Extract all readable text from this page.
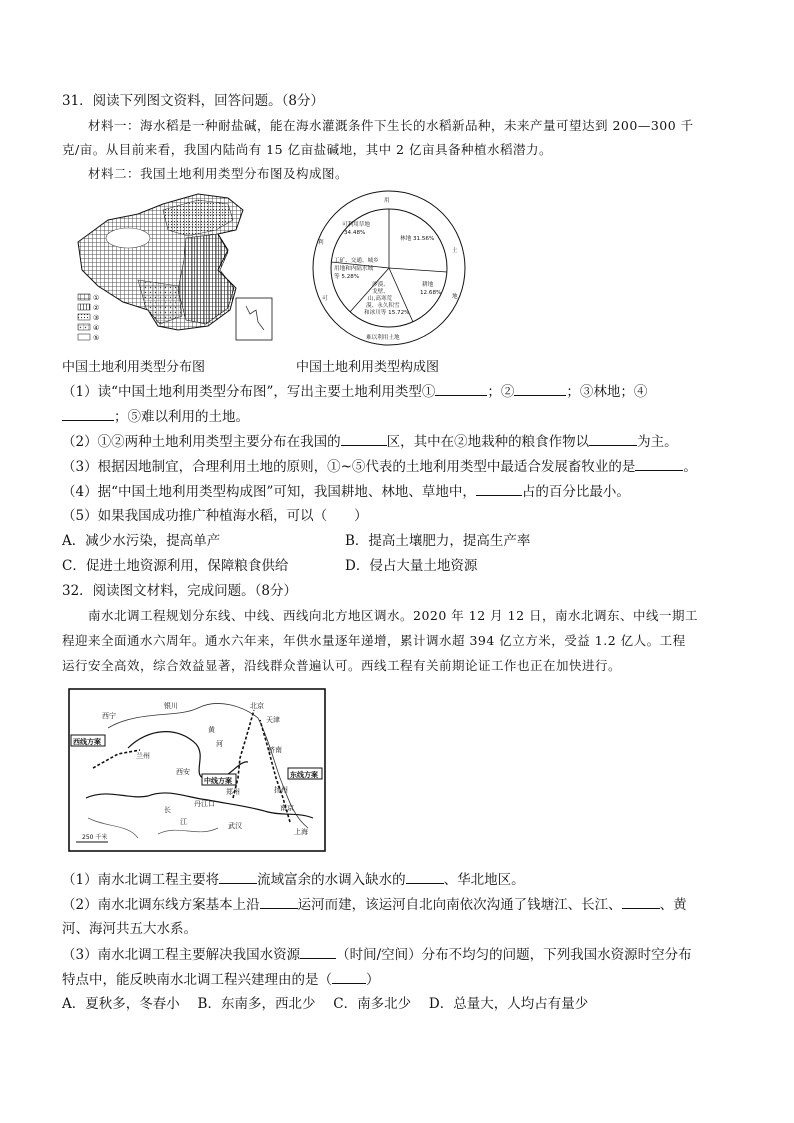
31．阅读下列图文资料，回答问题。（8分）
材料一：海水稻是一种耐盐碱，能在海水灌溉条件下生长的水稻新品种，未来产量可望达到 200—300 千
克/亩。从目前来看，我国内陆尚有 15 亿亩盐碱地，其中 2 亿亩具备种植水稻潜力。
材料二：我国土地利用类型分布图及构成图。
①
②
③
④
⑤
用
土
地
利
可
难以利用土地
可利用草地
34.48%
林地 31.56%
工矿、交通、城乡
用地和内陆水域
等 5.28%
耕地
12.68%
沙漠、
戈壁、
山,高寒荒
漠、永久积雪
和冰川等 15.72%
中国土地利用类型分布图	中国土地利用类型构成图
（1）读“中国土地利用类型分布图”，写出主要土地利用类型①	；②	；③林地；④
；⑤难以利用的土地。
（2）①②两种土地利用类型主要分布在我国的	区，其中在②地栽种的粮食作物以	为主。
（3）根据因地制宜，合理利用土地的原则，①~⑤代表的土地利用类型中最适合发展畜牧业的是	。
（4）据“中国土地利用类型构成图”可知，我国耕地、林地、草地中，	占的百分比最小。
（5）如果我国成功推广种植海水稻，可以（　　）
A．减少水污染，提高单产	B．提高土壤肥力，提高生产率
C．促进土地资源利用，保障粮食供给	D．侵占大量土地资源
32．阅读图文材料，完成问题。（8分）
南水北调工程规划分东线、中线、西线向北方地区调水。2020 年 12 月 12 日，南水北调东、中线一期工
程迎来全面通水六周年。通水六年来，年供水量逐年递增，累计调水超 394 亿立方米，受益 1.2 亿人。工程
运行安全高效，综合效益显著，沿线群众普遍认可。西线工程有关前期论证工作也正在加快进行。
西线方案
中线方案
东线方案
北京
天津
济南
郑州
西安
兰州
银川
武汉
南京
上海
西宁
丹江口
扬州
黄
河
长
江
250 千米
（1）南水北调工程主要将	流域富余的水调入缺水的	、华北地区。
（2）南水北调东线方案基本上沿	运河而建，该运河自北向南依次沟通了钱塘江、长江、	、黄
河、海河共五大水系。
（3）南水北调工程主要解决我国水资源	（时间/空间）分布不均匀的问题，下列我国水资源时空分布
特点中，能反映南水北调工程兴建理由的是（	）
A．夏秋多，冬春小　 B．东南多，西北少　 C．南多北少　 D．总量大，人均占有量少
